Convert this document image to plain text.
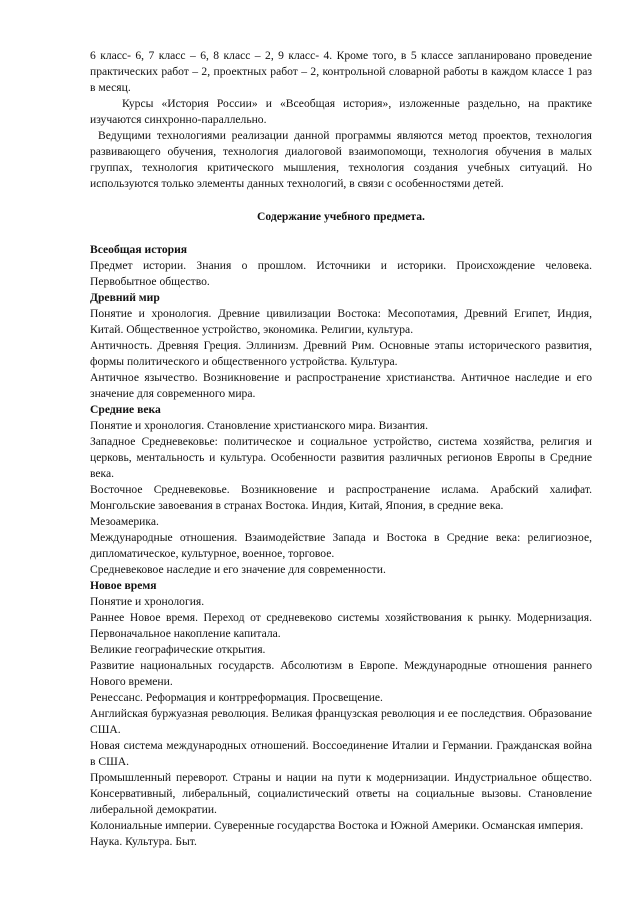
6 класс- 6, 7 класс – 6, 8 класс – 2, 9 класс- 4. Кроме того, в 5 классе запланировано проведение практических работ – 2, проектных работ – 2, контрольной словарной работы в каждом классе 1 раз в месяц.

Курсы «История России» и «Всеобщая история», изложенные раздельно, на практике изучаются синхронно-параллельно.

Ведущими технологиями реализации данной программы являются метод проектов, технология развивающего обучения, технология диалоговой взаимопомощи, технология обучения в малых группах, технология критического мышления, технология создания учебных ситуаций. Но используются только элементы данных технологий, в связи с особенностями детей.

Содержание учебного предмета.

Всеобщая история

Предмет истории. Знания о прошлом. Источники и историки. Происхождение человека. Первобытное общество.

Древний мир

Понятие и хронология. Древние цивилизации Востока: Месопотамия, Древний Египет, Индия, Китай. Общественное устройство, экономика. Религии, культура.

Античность. Древняя Греция. Эллинизм. Древний Рим. Основные этапы исторического развития, формы политического и общественного устройства. Культура.

Античное язычество. Возникновение и распространение христианства. Античное наследие и его значение для современного мира.

Средние века

Понятие и хронология. Становление христианского мира. Византия.

Западное Средневековье: политическое и социальное устройство, система хозяйства, религия и церковь, ментальность и культура. Особенности развития различных регионов Европы в Средние века.

Восточное Средневековье. Возникновение и распространение ислама. Арабский халифат. Монгольские завоевания в странах Востока. Индия, Китай, Япония, в средние века.

Мезоамерика.

Международные отношения. Взаимодействие Запада и Востока в Средние века: религиозное, дипломатическое, культурное, военное, торговое.

Средневековое наследие и его значение для современности.

Новое время

Понятие и хронология.

Раннее Новое время. Переход от средневеково системы хозяйствования к рынку. Модернизация. Первоначальное накопление капитала.

Великие географические открытия.

Развитие национальных государств. Абсолютизм в Европе. Международные отношения раннего Нового времени.

Ренессанс. Реформация и контрреформация. Просвещение.

Английская буржуазная революция. Великая французская революция и ее последствия. Образование США.

Новая система международных отношений. Воссоединение Италии и Германии. Гражданская война в США.

Промышленный переворот. Страны и нации на пути к модернизации. Индустриальное общество. Консервативный, либеральный, социалистический ответы на социальные вызовы. Становление либеральной демократии.

Колониальные империи. Суверенные государства Востока и Южной Америки. Османская империя.

Наука. Культура. Быт.
